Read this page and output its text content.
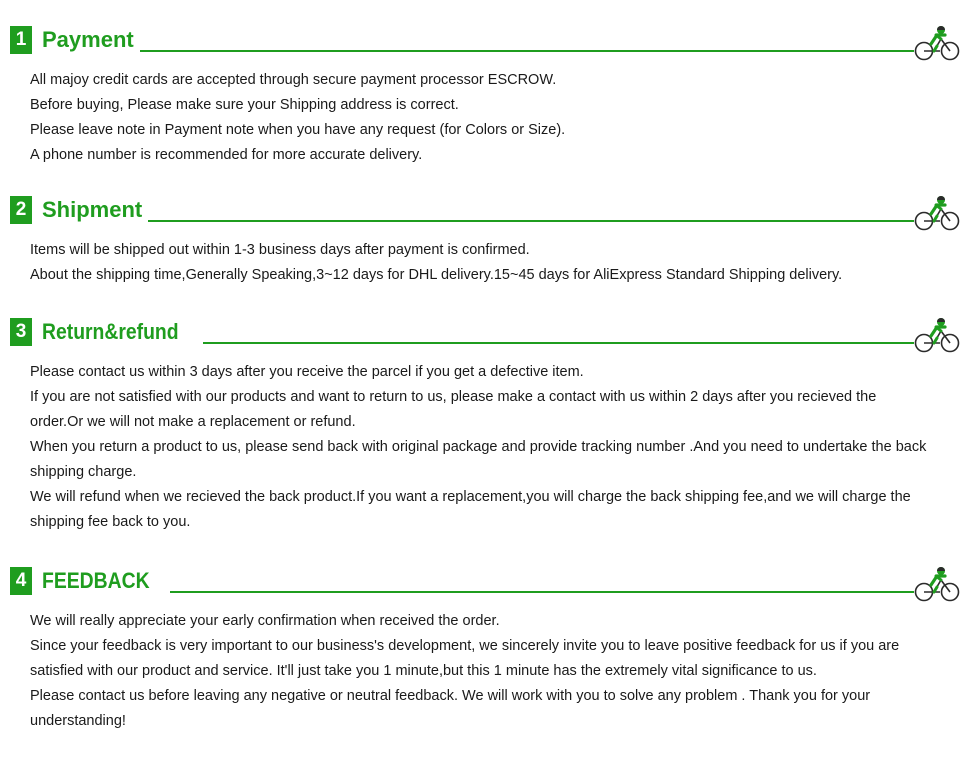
1 Payment

All majoy credit cards are accepted through secure payment processor ESCROW.

Before buying, Please make sure your Shipping address is correct.

Please leave note in Payment note when you have any request (for Colors or Size).

A phone number is recommended for more accurate delivery.

2 Shipment

Items will be shipped out within 1-3 business days after payment is confirmed.

About the shipping time,Generally Speaking,3~12 days for DHL delivery.15~45 days for AliExpress Standard Shipping delivery.

3 Return&refund

Please contact us within 3 days after you receive the parcel if you get a defective item.

If you are not satisfied with our products and want to return to us, please make a contact with us within 2 days after you recieved the order.Or we will not make a replacement or refund.

When you return a product to us, please send back with original package and provide tracking number .And you need to undertake the back shipping charge.

We will refund when we recieved the back product.If you want a replacement,you will charge the back shipping fee,and we will charge the shipping fee back to you.

4 FEEDBACK

We will really appreciate your early confirmation when received the order.

Since your feedback is very important to our business's development, we sincerely invite you to leave positive feedback for us if you are satisfied with our product and service. It'll just take you 1 minute,but this 1 minute has the extremely vital significance to us.

Please contact us before leaving any negative or neutral feedback. We will work with you to solve any problem . Thank you for your understanding!
